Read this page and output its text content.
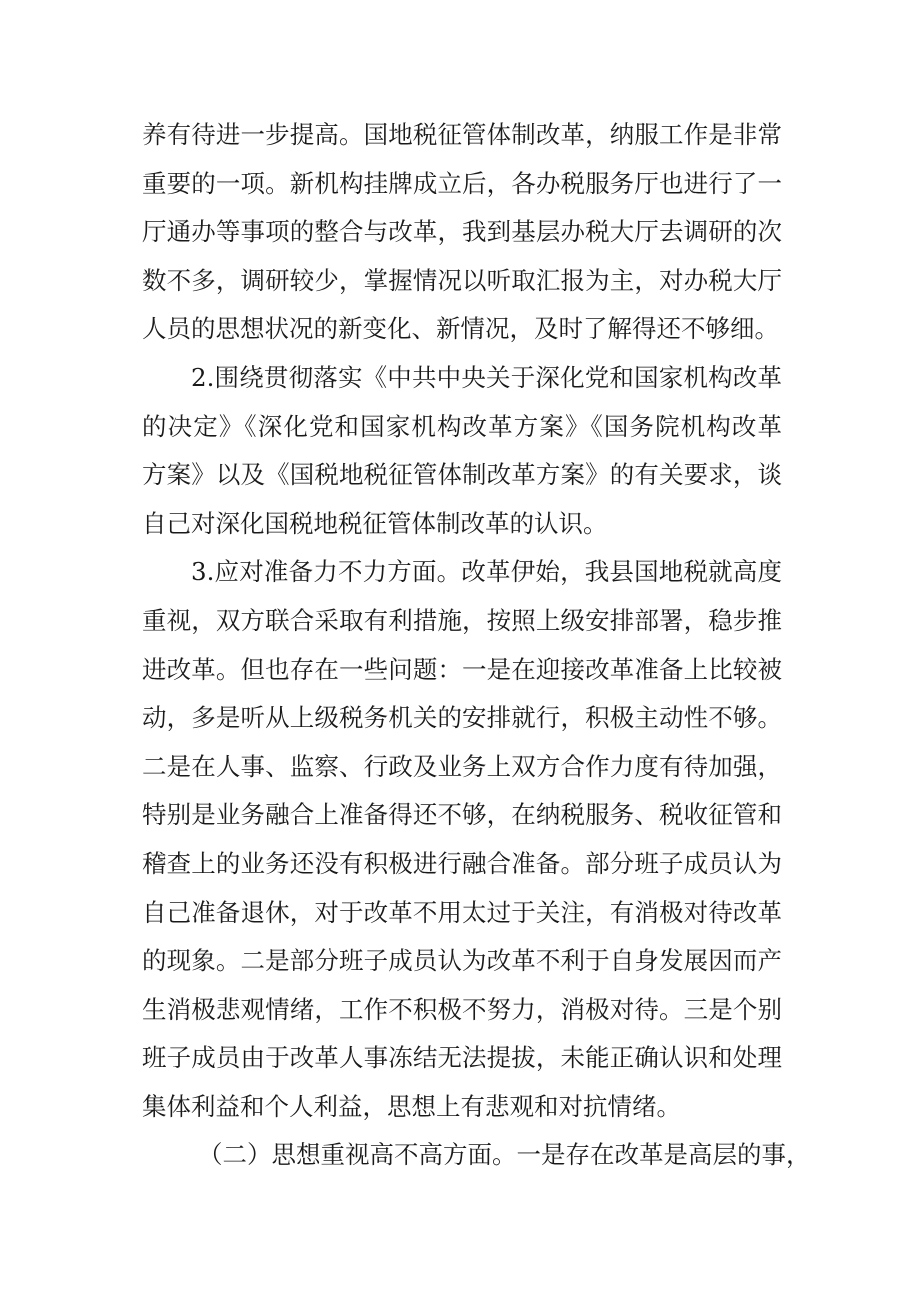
养有待进一步提高。国地税征管体制改革，纳服工作是非常
重要的一项。新机构挂牌成立后，各办税服务厅也进行了一
厅通办等事项的整合与改革，我到基层办税大厅去调研的次
数不多，调研较少，掌握情况以听取汇报为主，对办税大厅
人员的思想状况的新变化、新情况，及时了解得还不够细。
2.围绕贯彻落实《中共中央关于深化党和国家机构改革
的决定》《深化党和国家机构改革方案》《国务院机构改革
方案》以及《国税地税征管体制改革方案》的有关要求，谈
自己对深化国税地税征管体制改革的认识。
3.应对准备力不力方面。改革伊始，我县国地税就高度
重视，双方联合采取有利措施，按照上级安排部署，稳步推
进改革。但也存在一些问题：一是在迎接改革准备上比较被
动，多是听从上级税务机关的安排就行，积极主动性不够。
二是在人事、监察、行政及业务上双方合作力度有待加强，
特别是业务融合上准备得还不够，在纳税服务、税收征管和
稽查上的业务还没有积极进行融合准备。部分班子成员认为
自己准备退休，对于改革不用太过于关注，有消极对待改革
的现象。二是部分班子成员认为改革不利于自身发展因而产
生消极悲观情绪，工作不积极不努力，消极对待。三是个别
班子成员由于改革人事冻结无法提拔，未能正确认识和处理
集体利益和个人利益，思想上有悲观和对抗情绪。
（二）思想重视高不高方面。一是存在改革是高层的事，
